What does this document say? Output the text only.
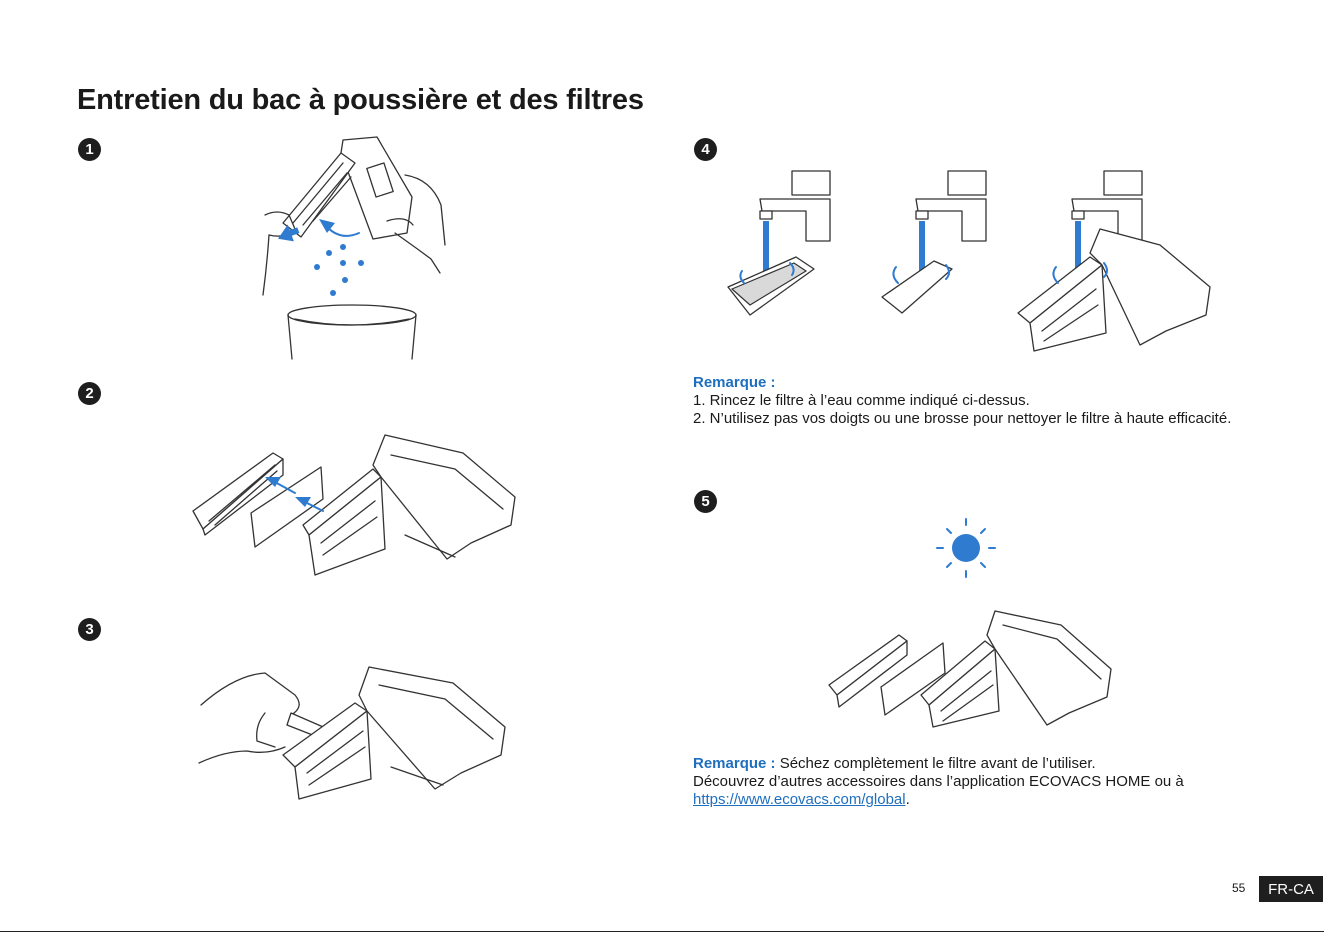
Entretien du bac à poussière et des filtres
1
2
3
4
5
Remarque :
1. Rincez le filtre à l’eau comme indiqué ci-dessus.
2. N’utilisez pas vos doigts ou une brosse pour nettoyer le filtre à haute efficacité.
Remarque : Séchez complètement le filtre avant de l’utiliser.
Découvrez d’autres accessoires dans l’application ECOVACS HOME ou à
https://www.ecovacs.com/global.
55	FR-CA
